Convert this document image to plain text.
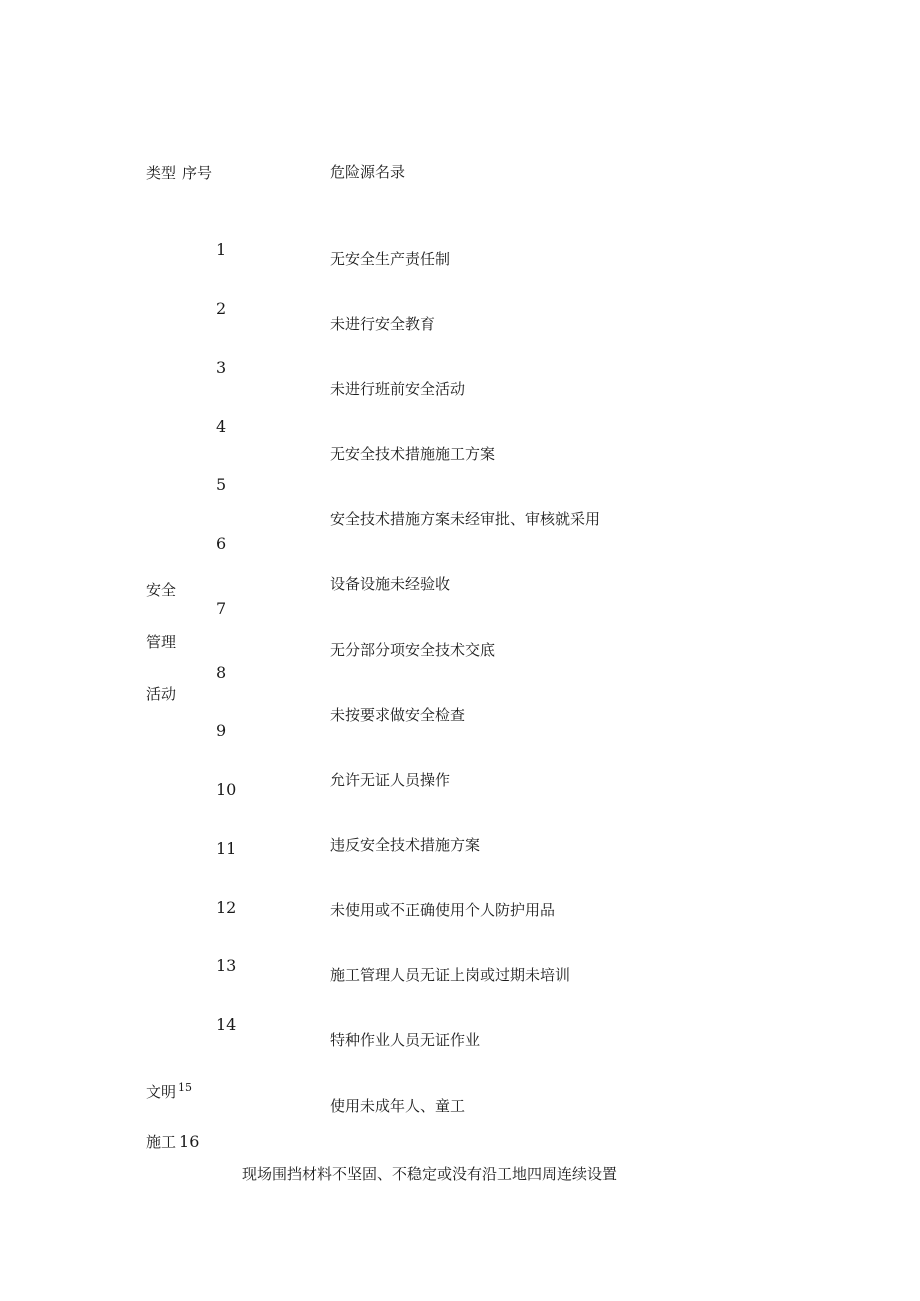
类型 序号	危险源名录
安全
管理
活动
1
2
3
4
5
6
7
8
9
10
11
12
13
14
无安全生产责任制
未进行安全教育
未进行班前安全活动
无安全技术措施施工方案
安全技术措施方案未经审批、审核就采用
设备设施未经验收
无分部分项安全技术交底
未按要求做安全检查
允许无证人员操作
违反安全技术措施方案
未使用或不正确使用个人防护用品
施工管理人员无证上岗或过期未培训
特种作业人员无证作业
使用未成年人、童工
文明 $^{15}$
施工 16
现场围挡材料不坚固、不稳定或没有沿工地四周连续设置
